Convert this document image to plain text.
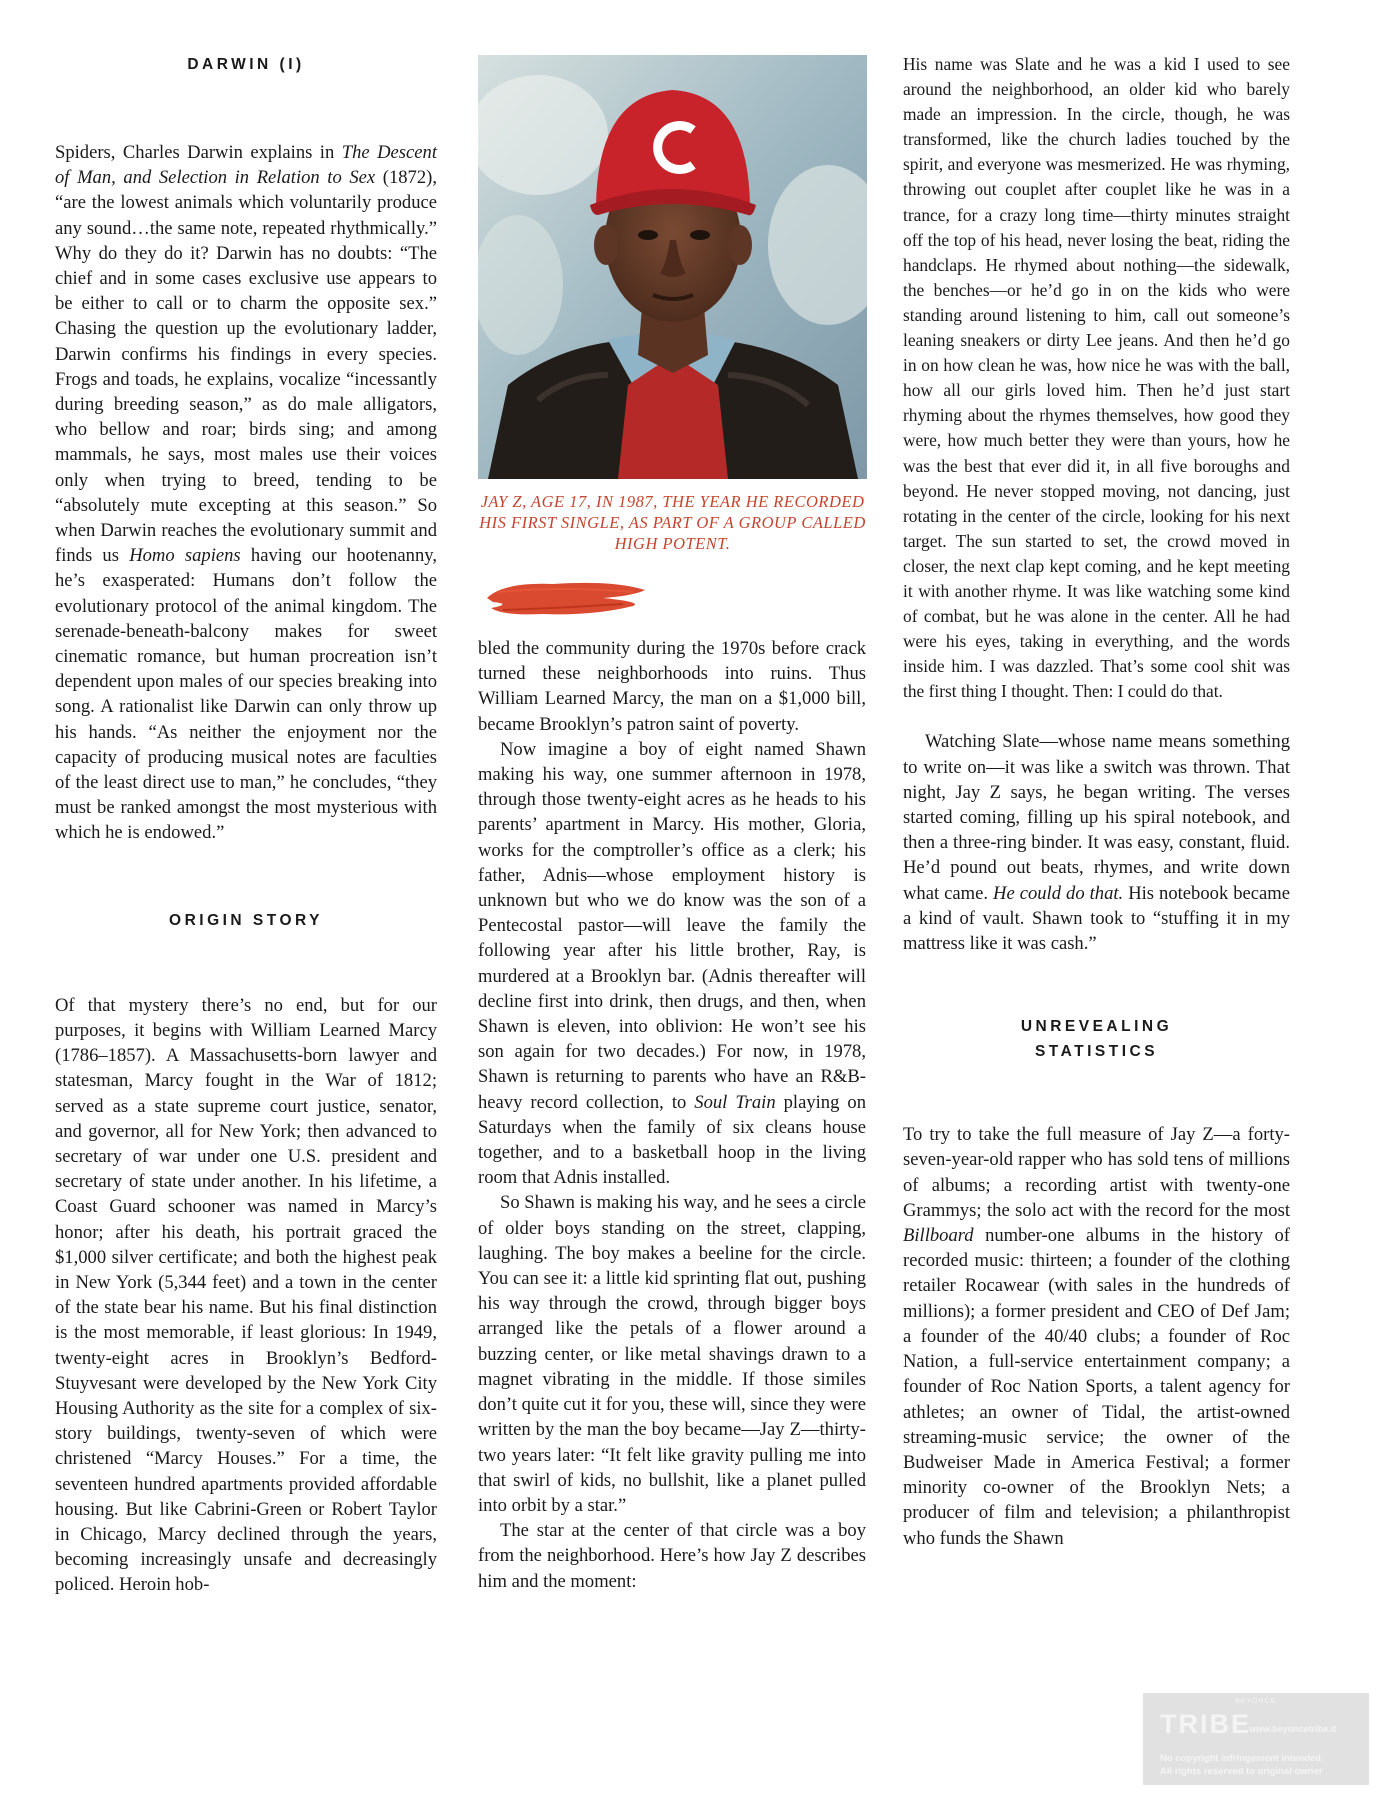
DARWIN (I)

Spiders, Charles Darwin explains in The Descent of Man, and Selection in Relation to Sex (1872), “are the lowest animals which voluntarily produce any sound…the same note, repeated rhythmically.” Why do they do it? Darwin has no doubts: “The chief and in some cases exclusive use appears to be either to call or to charm the opposite sex.” Chasing the question up the evolutionary ladder, Darwin confirms his findings in every species. Frogs and toads, he explains, vocalize “incessantly during breeding season,” as do male alligators, who bellow and roar; birds sing; and among mammals, he says, most males use their voices only when trying to breed, tending to be “absolutely mute excepting at this season.” So when Darwin reaches the evolutionary summit and finds us Homo sapiens having our hootenanny, he’s exasperated: Humans don’t follow the evolutionary protocol of the animal kingdom. The serenade-beneath-balcony makes for sweet cinematic romance, but human procreation isn’t dependent upon males of our species breaking into song. A rationalist like Darwin can only throw up his hands. “As neither the enjoyment nor the capacity of producing musical notes are faculties of the least direct use to man,” he concludes, “they must be ranked amongst the most mysterious with which he is endowed.”

ORIGIN STORY

Of that mystery there’s no end, but for our purposes, it begins with William Learned Marcy (1786–1857). A Massachusetts-born lawyer and statesman, Marcy fought in the War of 1812; served as a state supreme court justice, senator, and governor, all for New York; then advanced to secretary of war under one U.S. president and secretary of state under another. In his lifetime, a Coast Guard schooner was named in Marcy’s honor; after his death, his portrait graced the $1,000 silver certificate; and both the highest peak in New York (5,344 feet) and a town in the center of the state bear his name. But his final distinction is the most memorable, if least glorious: In 1949, twenty-eight acres in Brooklyn’s Bedford-Stuyvesant were developed by the New York City Housing Authority as the site for a complex of six-story buildings, twenty-seven of which were christened “Marcy Houses.” For a time, the seventeen hundred apartments provided affordable housing. But like Cabrini-Green or Robert Taylor in Chicago, Marcy declined through the years, becoming increasingly unsafe and decreasingly policed. Heroin hob-

JAY Z, AGE 17, IN 1987, THE YEAR HE RECORDED HIS FIRST SINGLE, AS PART OF A GROUP CALLED HIGH POTENT.

bled the community during the 1970s before crack turned these neighborhoods into ruins. Thus William Learned Marcy, the man on a $1,000 bill, became Brooklyn’s patron saint of poverty.

Now imagine a boy of eight named Shawn making his way, one summer afternoon in 1978, through those twenty-eight acres as he heads to his parents’ apartment in Marcy. His mother, Gloria, works for the comptroller’s office as a clerk; his father, Adnis—whose employment history is unknown but who we do know was the son of a Pentecostal pastor—will leave the family the following year after his little brother, Ray, is murdered at a Brooklyn bar. (Adnis thereafter will decline first into drink, then drugs, and then, when Shawn is eleven, into oblivion: He won’t see his son again for two decades.) For now, in 1978, Shawn is returning to parents who have an R&B-heavy record collection, to Soul Train playing on Saturdays when the family of six cleans house together, and to a basketball hoop in the living room that Adnis installed.

So Shawn is making his way, and he sees a circle of older boys standing on the street, clapping, laughing. The boy makes a beeline for the circle. You can see it: a little kid sprinting flat out, pushing his way through the crowd, through bigger boys arranged like the petals of a flower around a buzzing center, or like metal shavings drawn to a magnet vibrating in the middle. If those similes don’t quite cut it for you, these will, since they were written by the man the boy became—Jay Z—thirty-two years later: “It felt like gravity pulling me into that swirl of kids, no bullshit, like a planet pulled into orbit by a star.”

The star at the center of that circle was a boy from the neighborhood. Here’s how Jay Z describes him and the moment:

His name was Slate and he was a kid I used to see around the neighborhood, an older kid who barely made an impression. In the circle, though, he was transformed, like the church ladies touched by the spirit, and everyone was mesmerized. He was rhyming, throwing out couplet after couplet like he was in a trance, for a crazy long time—thirty minutes straight off the top of his head, never losing the beat, riding the handclaps. He rhymed about nothing—the sidewalk, the benches—or he’d go in on the kids who were standing around listening to him, call out someone’s leaning sneakers or dirty Lee jeans. And then he’d go in on how clean he was, how nice he was with the ball, how all our girls loved him. Then he’d just start rhyming about the rhymes themselves, how good they were, how much better they were than yours, how he was the best that ever did it, in all five boroughs and beyond. He never stopped moving, not dancing, just rotating in the center of the circle, looking for his next target. The sun started to set, the crowd moved in closer, the next clap kept coming, and he kept meeting it with another rhyme. It was like watching some kind of combat, but he was alone in the center. All he had were his eyes, taking in everything, and the words inside him. I was dazzled. That’s some cool shit was the first thing I thought. Then: I could do that.

Watching Slate—whose name means something to write on—it was like a switch was thrown. That night, Jay Z says, he began writing. The verses started coming, filling up his spiral notebook, and then a three-ring binder. It was easy, constant, fluid. He’d pound out beats, rhymes, and write down what came. He could do that. His notebook became a kind of vault. Shawn took to “stuffing it in my mattress like it was cash.”

UNREVEALING
STATISTICS

To try to take the full measure of Jay Z—a forty-seven-year-old rapper who has sold tens of millions of albums; a recording artist with twenty-one Grammys; the solo act with the record for the most Billboard number-one albums in the history of recorded music: thirteen; a founder of the clothing retailer Rocawear (with sales in the hundreds of millions); a former president and CEO of Def Jam; a founder of the 40/40 clubs; a founder of Roc Nation, a full-service entertainment company; a founder of Roc Nation Sports, a talent agency for athletes; an owner of Tidal, the artist-owned streaming-music service; the owner of the Budweiser Made in America Festival; a former minority co-owner of the Brooklyn Nets; a producer of film and television; a philanthropist who funds the Shawn

BEYONCE
TRIBE
www.beyoncetribe.it
No copyright infringement intended.
All rights reserved to original owner
